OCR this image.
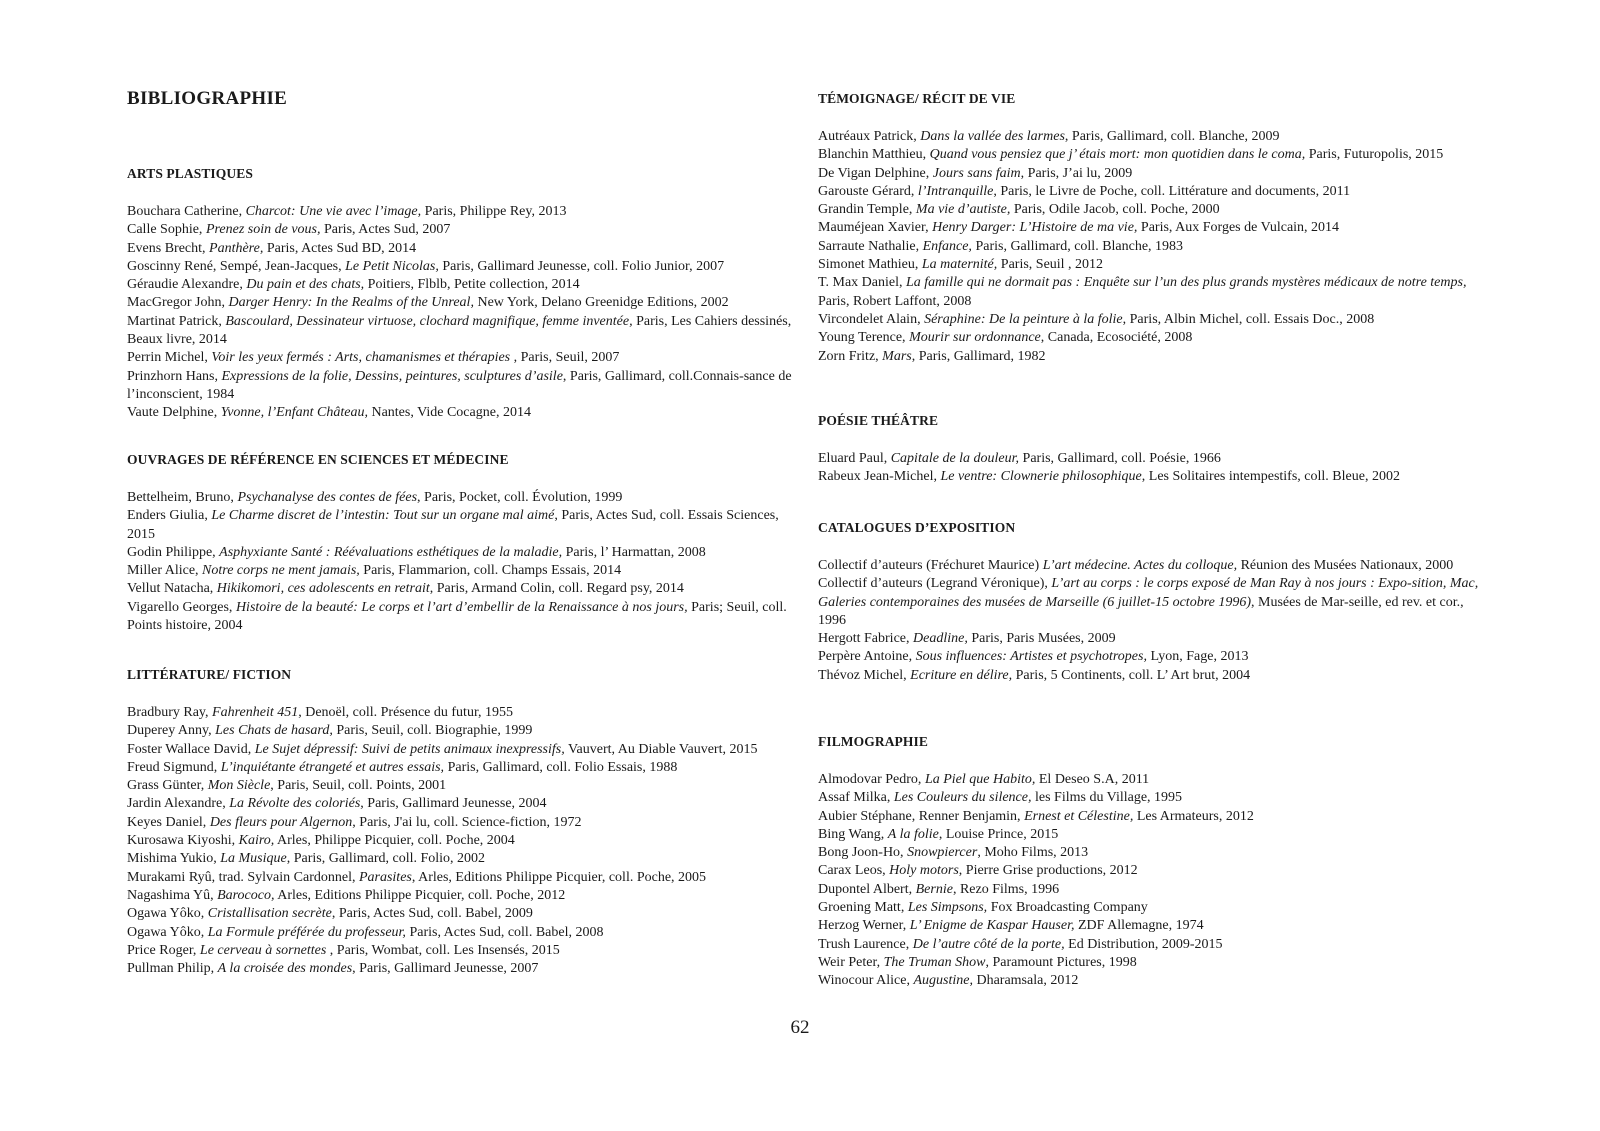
BIBLIOGRAPHIE
ARTS PLASTIQUES

Bouchara Catherine, Charcot: Une vie avec l’image, Paris, Philippe Rey, 2013

Calle Sophie, Prenez soin de vous, Paris, Actes Sud, 2007

Evens Brecht, Panthère, Paris, Actes Sud BD, 2014

Goscinny René, Sempé, Jean-Jacques, Le Petit Nicolas, Paris, Gallimard Jeunesse, coll. Folio Junior, 2007

Géraudie Alexandre, Du pain et des chats, Poitiers, Flblb, Petite collection, 2014

MacGregor John, Darger Henry: In the Realms of the Unreal, New York, Delano Greenidge Editions, 2002

Martinat Patrick, Bascoulard, Dessinateur virtuose, clochard magnifique, femme inventée, Paris, Les Cahiers dessinés, Beaux livre, 2014

Perrin Michel, Voir les yeux fermés : Arts, chamanismes et thérapies , Paris, Seuil, 2007

Prinzhorn Hans, Expressions de la folie, Dessins, peintures, sculptures d’asile, Paris, Gallimard, coll.Connais-sance de l’inconscient, 1984

Vaute Delphine, Yvonne, l’Enfant Château, Nantes, Vide Cocagne, 2014

OUVRAGES DE RÉFÉRENCE EN SCIENCES ET MÉDECINE

Bettelheim, Bruno, Psychanalyse des contes de fées, Paris, Pocket, coll. Évolution, 1999

Enders Giulia, Le Charme discret de l’intestin: Tout sur un organe mal aimé, Paris, Actes Sud, coll. Essais Sciences, 2015

Godin Philippe, Asphyxiante Santé : Réévaluations esthétiques de la maladie, Paris, l’ Harmattan, 2008

Miller Alice, Notre corps ne ment jamais, Paris, Flammarion, coll. Champs Essais, 2014

Vellut Natacha, Hikikomori, ces adolescents en retrait, Paris, Armand Colin, coll. Regard psy, 2014

Vigarello Georges, Histoire de la beauté: Le corps et l’art d’embellir de la Renaissance à nos jours, Paris; Seuil, coll. Points histoire, 2004

LITTÉRATURE/ FICTION

Bradbury Ray, Fahrenheit 451, Denoël, coll. Présence du futur, 1955

Duperey Anny, Les Chats de hasard, Paris, Seuil, coll. Biographie, 1999

Foster Wallace David, Le Sujet dépressif: Suivi de petits animaux inexpressifs, Vauvert, Au Diable Vauvert, 2015

Freud Sigmund, L’inquiétante étrangeté et autres essais, Paris, Gallimard, coll. Folio Essais, 1988

Grass Günter, Mon Siècle, Paris, Seuil, coll. Points, 2001

Jardin Alexandre, La Révolte des coloriés, Paris, Gallimard Jeunesse, 2004

Keyes Daniel, Des fleurs pour Algernon, Paris, J'ai lu, coll. Science-fiction, 1972

Kurosawa Kiyoshi, Kairo, Arles, Philippe Picquier, coll. Poche, 2004

Mishima Yukio, La Musique, Paris, Gallimard, coll. Folio, 2002

Murakami Ryû, trad. Sylvain Cardonnel, Parasites, Arles, Editions Philippe Picquier, coll. Poche, 2005

Nagashima Yû, Barococo, Arles, Editions Philippe Picquier, coll. Poche, 2012

Ogawa Yôko, Cristallisation secrète, Paris, Actes Sud, coll. Babel, 2009

Ogawa Yôko, La Formule préférée du professeur, Paris, Actes Sud, coll. Babel, 2008

Price Roger, Le cerveau à sornettes , Paris, Wombat, coll. Les Insensés, 2015

Pullman Philip, A la croisée des mondes, Paris, Gallimard Jeunesse, 2007

TÉMOIGNAGE/ RÉCIT DE VIE

Autréaux Patrick, Dans la vallée des larmes, Paris, Gallimard, coll. Blanche, 2009

Blanchin Matthieu, Quand vous pensiez que j’ étais mort: mon quotidien dans le coma, Paris, Futuropolis, 2015

De Vigan Delphine, Jours sans faim, Paris, J’ai lu, 2009

Garouste Gérard, l’Intranquille, Paris, le Livre de Poche, coll. Littérature and documents, 2011

Grandin Temple, Ma vie d’autiste, Paris, Odile Jacob, coll. Poche, 2000

Mauméjean Xavier, Henry Darger: L’Histoire de ma vie, Paris, Aux Forges de Vulcain, 2014

Sarraute Nathalie, Enfance, Paris, Gallimard, coll. Blanche, 1983

Simonet Mathieu, La maternité, Paris, Seuil , 2012

T. Max Daniel, La famille qui ne dormait pas : Enquête sur l’un des plus grands mystères médicaux de notre temps, Paris, Robert Laffont, 2008

Vircondelet Alain, Séraphine: De la peinture à la folie, Paris, Albin Michel, coll. Essais Doc., 2008

Young Terence, Mourir sur ordonnance, Canada, Ecosociété, 2008

Zorn Fritz, Mars, Paris, Gallimard, 1982

POÉSIE THÉÂTRE

Eluard Paul, Capitale de la douleur, Paris, Gallimard, coll. Poésie, 1966

Rabeux Jean-Michel, Le ventre: Clownerie philosophique, Les Solitaires intempestifs, coll. Bleue, 2002

CATALOGUES D’EXPOSITION

Collectif d’auteurs (Fréchuret Maurice) L’art médecine. Actes du colloque, Réunion des Musées Nationaux, 2000

Collectif d’auteurs (Legrand Véronique), L’art au corps : le corps exposé de Man Ray à nos jours : Expo-sition, Mac, Galeries contemporaines des musées de Marseille (6 juillet-15 octobre 1996), Musées de Mar-seille, ed rev. et cor., 1996

Hergott Fabrice, Deadline, Paris, Paris Musées, 2009

Perpère Antoine, Sous influences: Artistes et psychotropes, Lyon, Fage, 2013

Thévoz Michel, Ecriture en délire, Paris, 5 Continents, coll. L’ Art brut, 2004

FILMOGRAPHIE

Almodovar Pedro, La Piel que Habito, El Deseo S.A, 2011

Assaf Milka, Les Couleurs du silence, les Films du Village, 1995

Aubier Stéphane, Renner Benjamin, Ernest et Célestine, Les Armateurs, 2012

Bing Wang, A la folie, Louise Prince, 2015

Bong Joon-Ho, Snowpiercer, Moho Films, 2013

Carax Leos, Holy motors, Pierre Grise productions, 2012

Dupontel Albert, Bernie, Rezo Films, 1996

Groening Matt, Les Simpsons, Fox Broadcasting Company

Herzog Werner, L’ Enigme de Kaspar Hauser, ZDF Allemagne, 1974

Trush Laurence, De l’autre côté de la porte, Ed Distribution, 2009-2015

Weir Peter, The Truman Show, Paramount Pictures, 1998

Winocour Alice, Augustine, Dharamsala, 2012

62
